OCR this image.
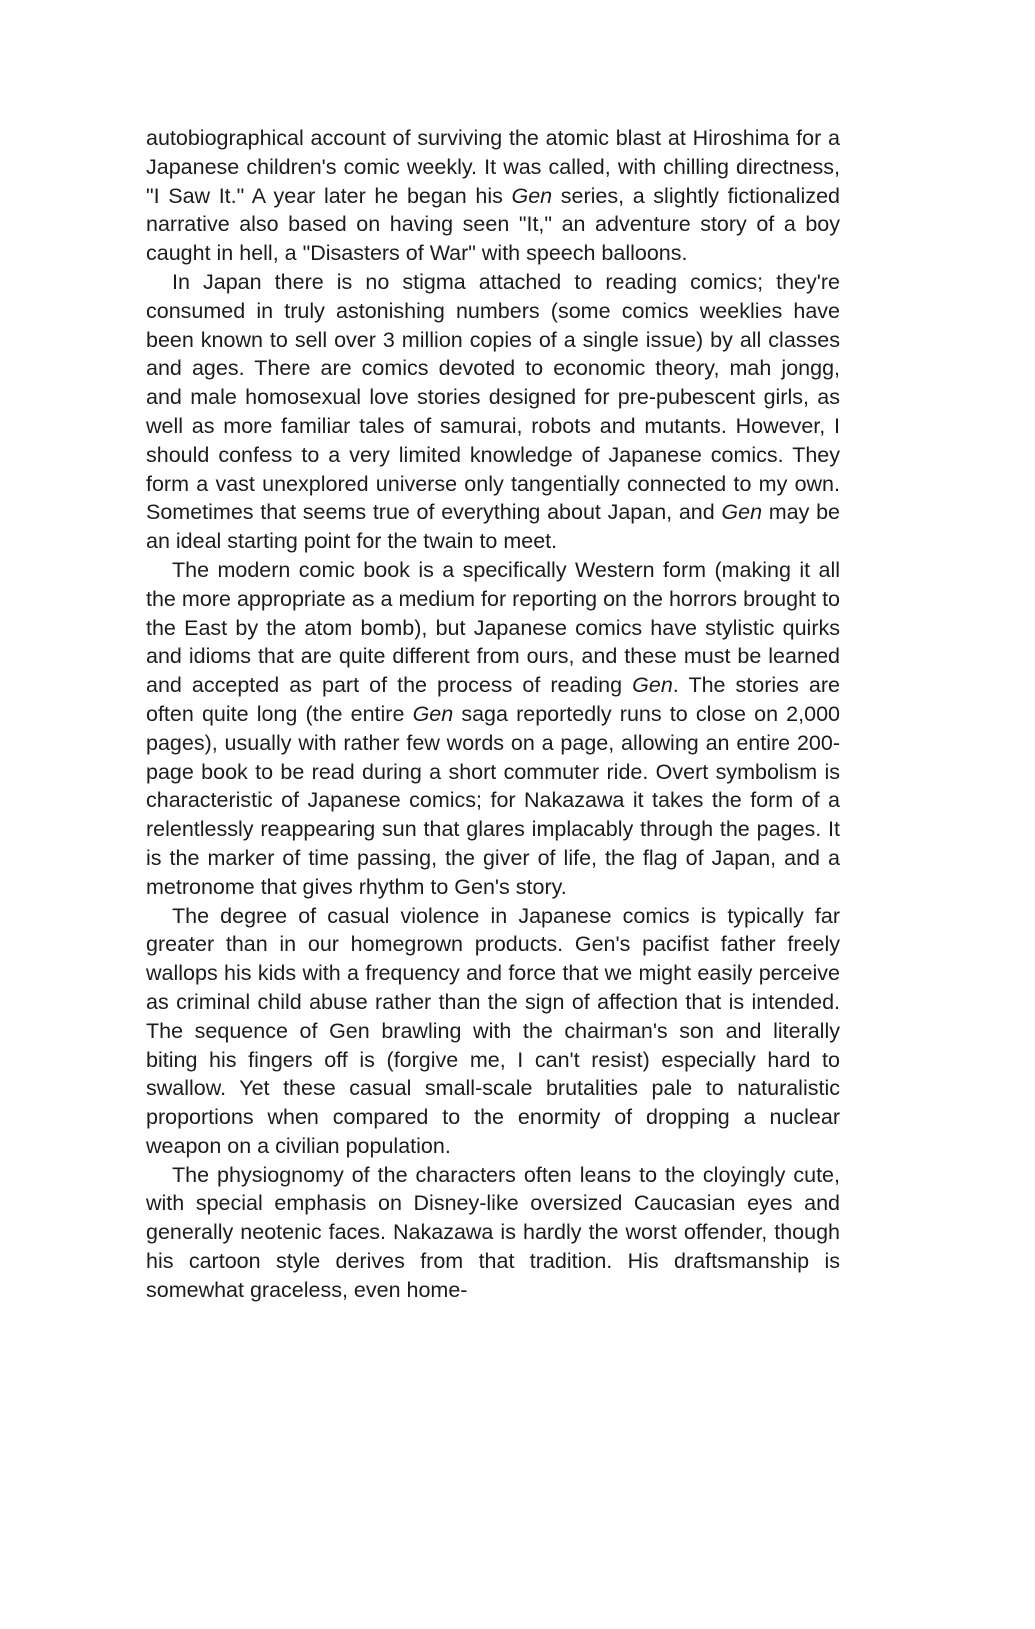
autobiographical account of surviving the atomic blast at Hiroshima for a Japanese children's comic weekly. It was called, with chilling directness, "I Saw It." A year later he began his Gen series, a slightly fictionalized narrative also based on having seen "It," an adventure story of a boy caught in hell, a "Disasters of War" with speech balloons.

In Japan there is no stigma attached to reading comics; they're consumed in truly astonishing numbers (some comics weeklies have been known to sell over 3 million copies of a single issue) by all classes and ages. There are comics devoted to economic theory, mah jongg, and male homosexual love stories designed for pre-pubescent girls, as well as more familiar tales of samurai, robots and mutants. However, I should confess to a very limited knowledge of Japanese comics. They form a vast unexplored universe only tangentially connected to my own. Sometimes that seems true of everything about Japan, and Gen may be an ideal starting point for the twain to meet.

The modern comic book is a specifically Western form (making it all the more appropriate as a medium for reporting on the horrors brought to the East by the atom bomb), but Japanese comics have stylistic quirks and idioms that are quite different from ours, and these must be learned and accepted as part of the process of reading Gen. The stories are often quite long (the entire Gen saga reportedly runs to close on 2,000 pages), usually with rather few words on a page, allowing an entire 200-page book to be read during a short commuter ride. Overt symbolism is characteristic of Japanese comics; for Nakazawa it takes the form of a relentlessly reappearing sun that glares implacably through the pages. It is the marker of time passing, the giver of life, the flag of Japan, and a metronome that gives rhythm to Gen's story.

The degree of casual violence in Japanese comics is typically far greater than in our homegrown products. Gen's pacifist father freely wallops his kids with a frequency and force that we might easily perceive as criminal child abuse rather than the sign of affection that is intended. The sequence of Gen brawling with the chairman's son and literally biting his fingers off is (forgive me, I can't resist) especially hard to swallow. Yet these casual small-scale brutalities pale to naturalistic proportions when compared to the enormity of dropping a nuclear weapon on a civilian population.

The physiognomy of the characters often leans to the cloyingly cute, with special emphasis on Disney-like oversized Caucasian eyes and generally neotenic faces. Nakazawa is hardly the worst offender, though his cartoon style derives from that tradition. His draftsmanship is somewhat graceless, even home-
